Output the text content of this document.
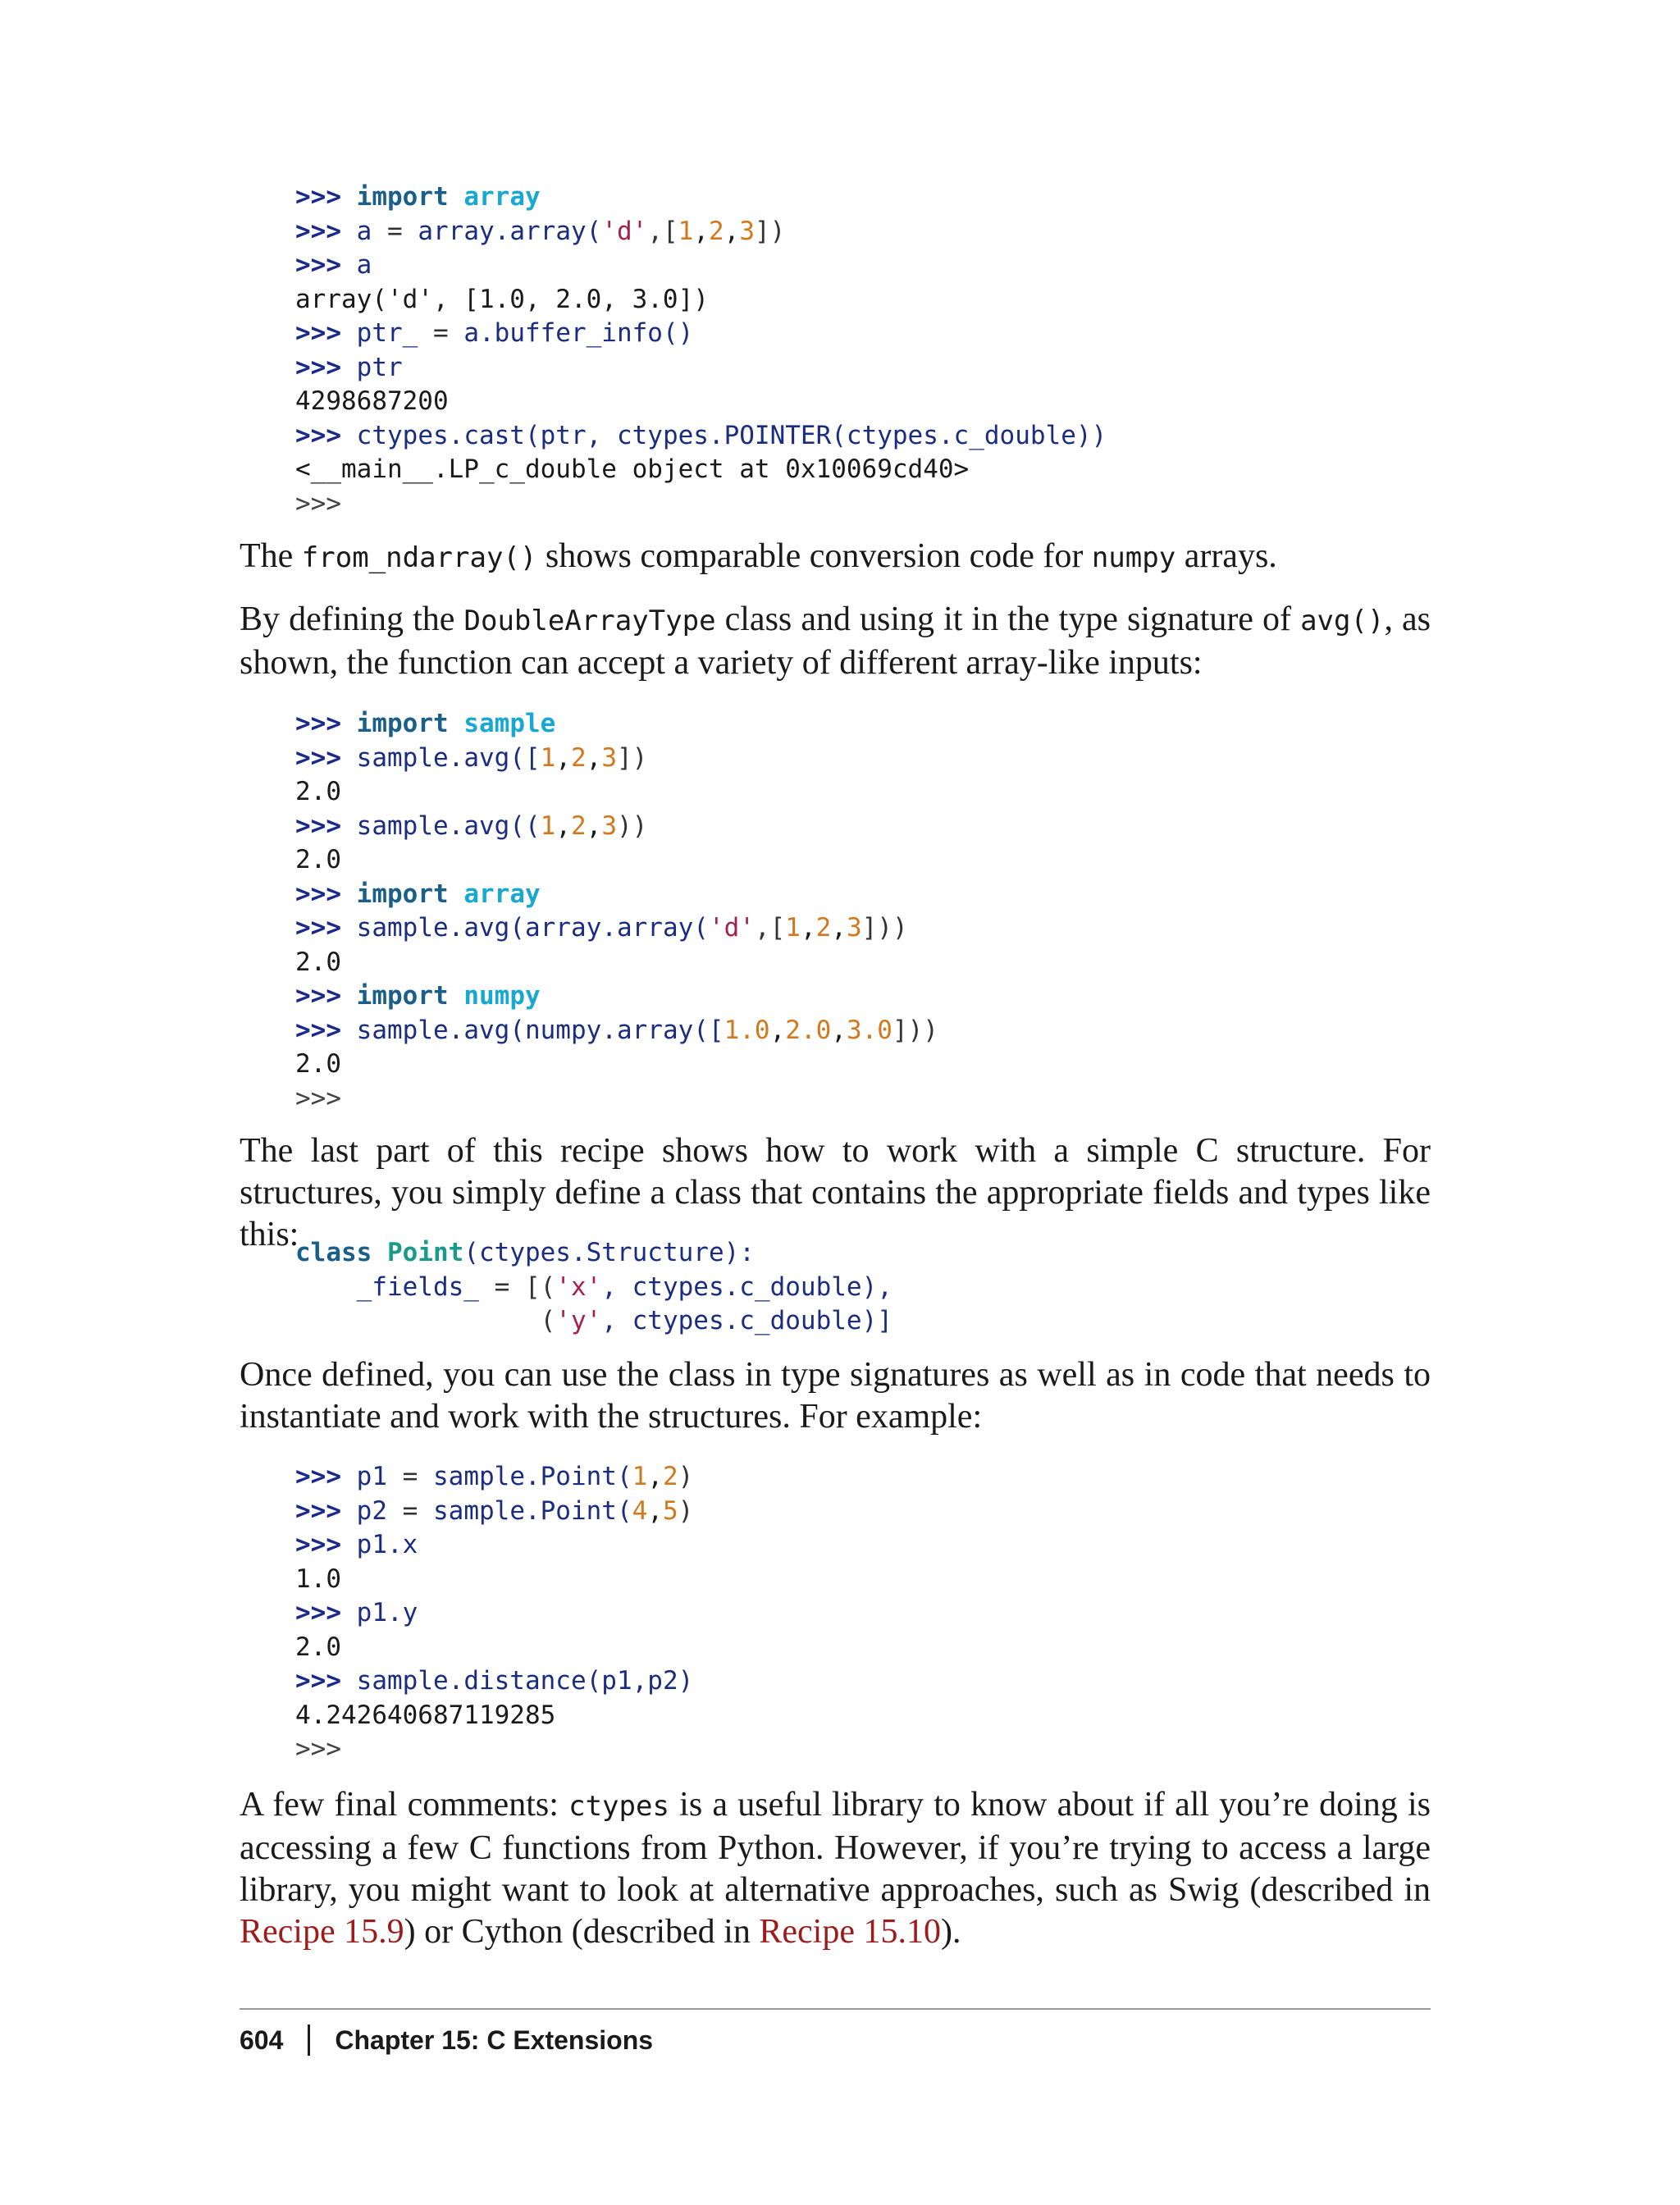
>>> import array
>>> a = array.array('d',[1,2,3])
>>> a
array('d', [1.0, 2.0, 3.0])
>>> ptr_ = a.buffer_info()
>>> ptr
4298687200
>>> ctypes.cast(ptr, ctypes.POINTER(ctypes.c_double))
<__main__.LP_c_double object at 0x10069cd40>
>>>

The from_ndarray() shows comparable conversion code for numpy arrays.

By defining the DoubleArrayType class and using it in the type signature of avg(), as shown, the function can accept a variety of different array-like inputs:

>>> import sample
>>> sample.avg([1,2,3])
2.0
>>> sample.avg((1,2,3))
2.0
>>> import array
>>> sample.avg(array.array('d',[1,2,3]))
2.0
>>> import numpy
>>> sample.avg(numpy.array([1.0,2.0,3.0]))
2.0
>>>

The last part of this recipe shows how to work with a simple C structure. For structures, you simply define a class that contains the appropriate fields and types like this:

class Point(ctypes.Structure):
_fields_ = [('x', ctypes.c_double),
('y', ctypes.c_double)]

Once defined, you can use the class in type signatures as well as in code that needs to instantiate and work with the structures. For example:

>>> p1 = sample.Point(1,2)
>>> p2 = sample.Point(4,5)
>>> p1.x
1.0
>>> p1.y
2.0
>>> sample.distance(p1,p2)
4.242640687119285
>>>

A few final comments: ctypes is a useful library to know about if all you’re doing is accessing a few C functions from Python. However, if you’re trying to access a large library, you might want to look at alternative approaches, such as Swig (described in Recipe 15.9) or Cython (described in Recipe 15.10).

604 Chapter 15: C Extensions
